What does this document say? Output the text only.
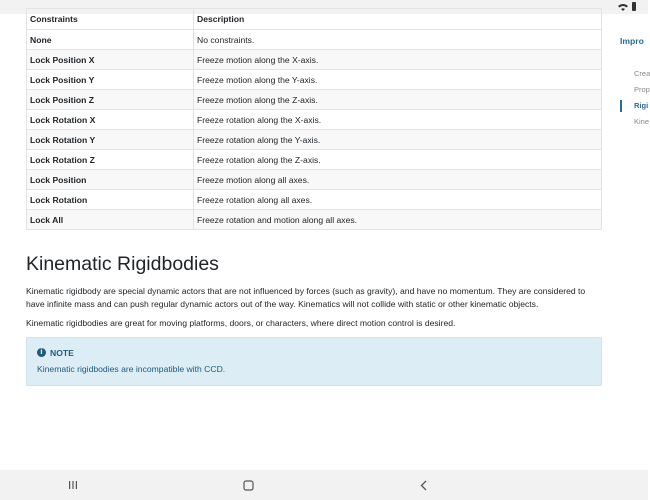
Constraints	Description
None	No constraints.
Lock Position X	Freeze motion along the X-axis.
Lock Position Y	Freeze motion along the Y-axis.
Lock Position Z	Freeze motion along the Z-axis.
Lock Rotation X	Freeze rotation along the X-axis.
Lock Rotation Y	Freeze rotation along the Y-axis.
Lock Rotation Z	Freeze rotation along the Z-axis.
Lock Position	Freeze motion along all axes.
Lock Rotation	Freeze rotation along all axes.
Lock All	Freeze rotation and motion along all axes.
Kinematic Rigidbodies

Kinematic rigidbody are special dynamic actors that are not influenced by forces (such as gravity), and have no momentum. They are considered to have infinite mass and can push regular dynamic actors out of the way. Kinematics will not collide with static or other kinematic objects.

Kinematic rigidbodies are great for moving platforms, doors, or characters, where direct motion control is desired.

i NOTE
Kinematic rigidbodies are incompatible with CCD.
Impro
Crea
Prop
Rigi
Kine
